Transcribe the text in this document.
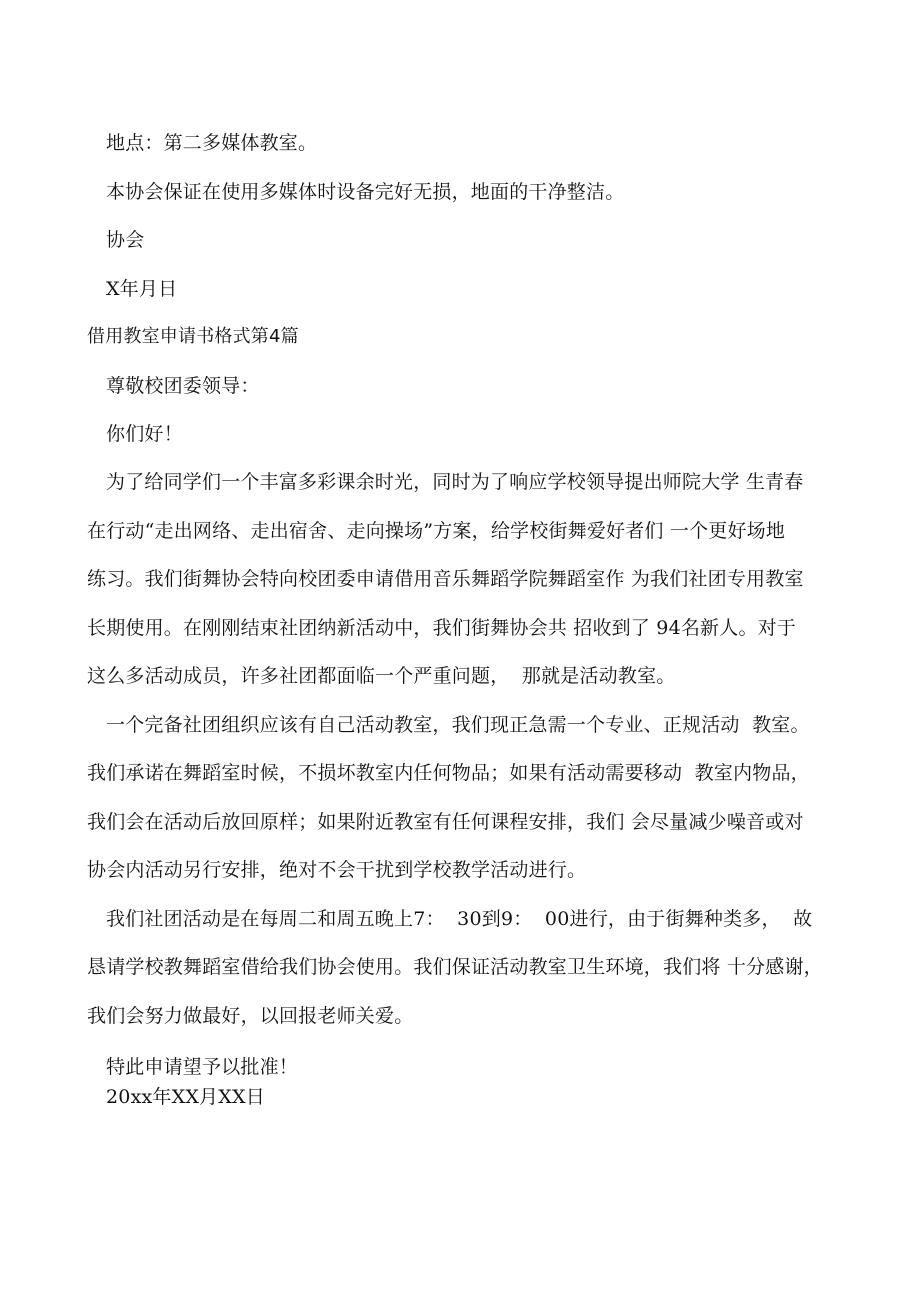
地点：第二多媒体教室。
本协会保证在使用多媒体时设备完好无损，地面的干净整洁。
协会
X年月日
借用教室申请书格式第4篇
尊敬校团委领导：
你们好！
为了给同学们一个丰富多彩课余时光，同时为了响应学校领导提出师院大学 生青春
在行动“走出网络、走出宿舍、走向操场”方案，给学校街舞爱好者们 一个更好场地
练习。我们街舞协会特向校团委申请借用音乐舞蹈学院舞蹈室作 为我们社团专用教室
长期使用。在刚刚结束社团纳新活动中，我们街舞协会共 招收到了 94名新人。对于
这么多活动成员，许多社团都面临一个严重问题，  那就是活动教室。
一个完备社团组织应该有自己活动教室，我们现正急需一个专业、正规活动  教室。
我们承诺在舞蹈室时候，不损坏教室内任何物品；如果有活动需要移动  教室内物品，
我们会在活动后放回原样；如果附近教室有任何课程安排，我们 会尽量减少噪音或对
协会内活动另行安排，绝对不会干扰到学校教学活动进行。
我们社团活动是在每周二和周五晚上7：  30到9：  00进行，由于街舞种类多，  故
恳请学校教舞蹈室借给我们协会使用。我们保证活动教室卫生环境，我们将 十分感谢，
我们会努力做最好，以回报老师关爱。
特此申请望予以批准！
20xx年XX月XX日
